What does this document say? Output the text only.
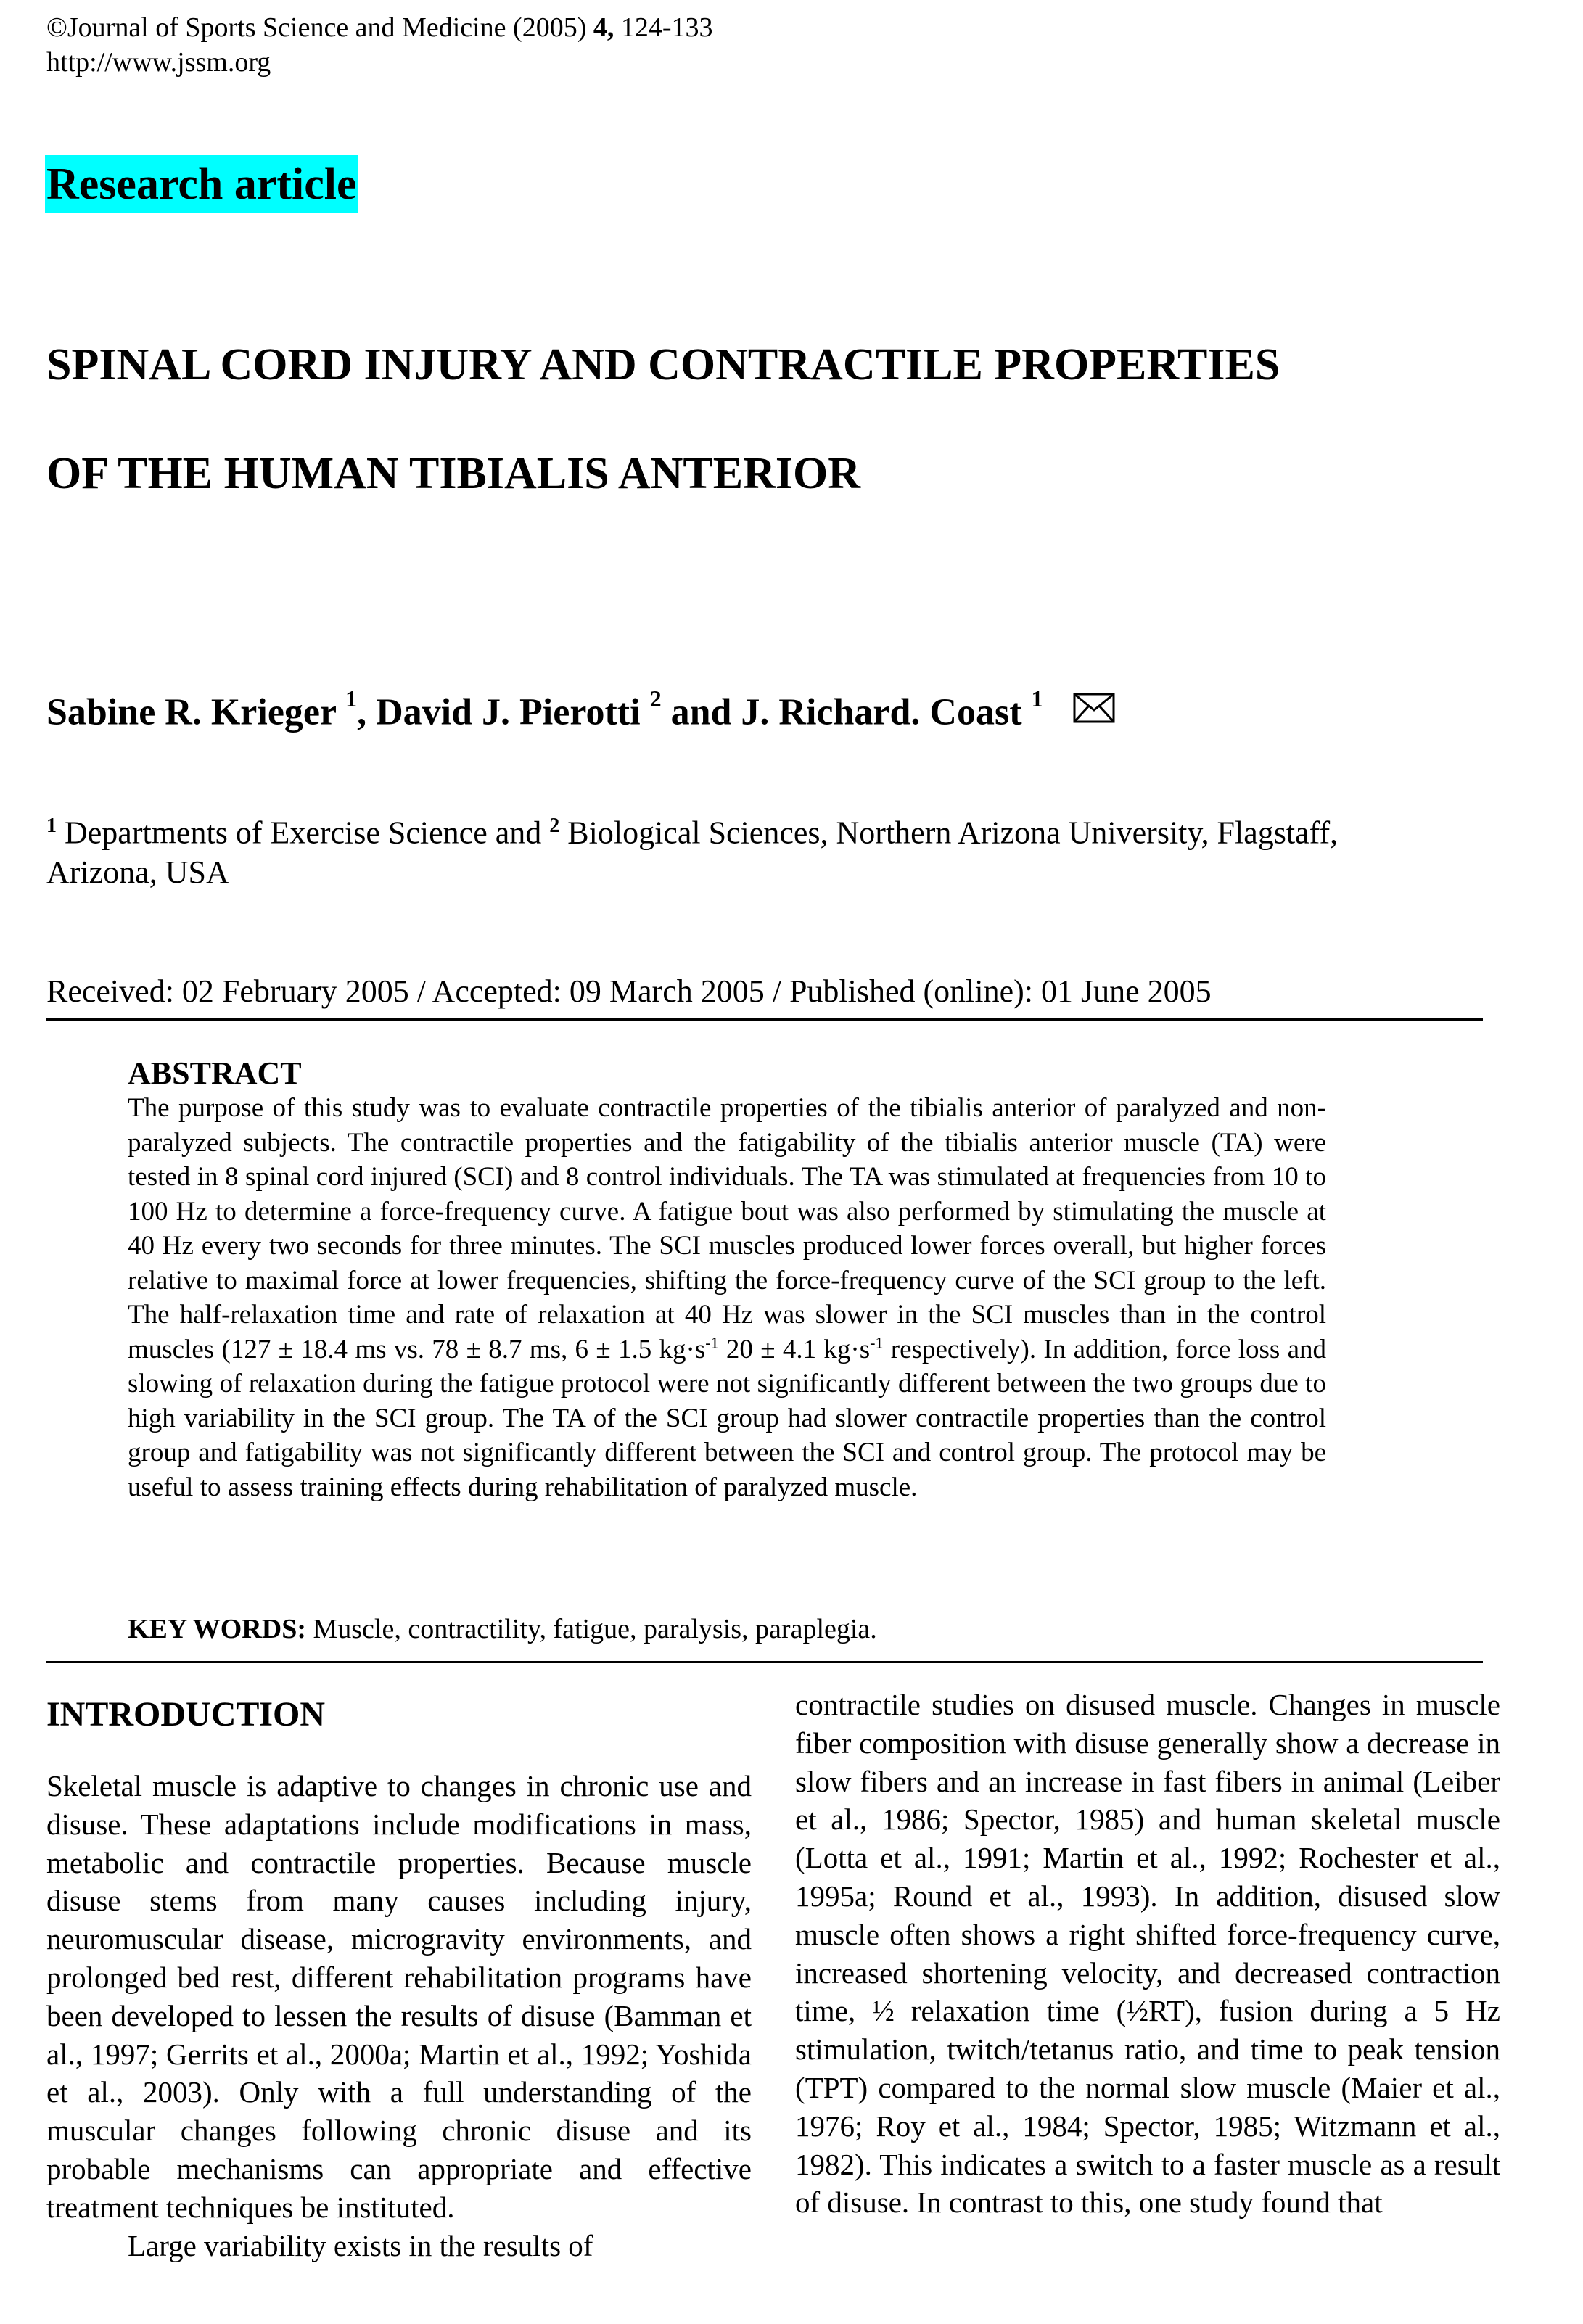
©Journal of Sports Science and Medicine (2005) 4, 124-133
http://www.jssm.org
Research article
SPINAL CORD INJURY AND CONTRACTILE PROPERTIES
OF THE HUMAN TIBIALIS ANTERIOR
Sabine R. Krieger $^1$, David J. Pierotti $^2$ and J. Richard. Coast $^1$
$^1$ Departments of Exercise Science and $^2$ Biological Sciences, Northern Arizona University, Flagstaff, Arizona, USA
Received: 02 February 2005 / Accepted: 09 March 2005 / Published (online): 01 June 2005
ABSTRACT

The purpose of this study was to evaluate contractile properties of the tibialis anterior of paralyzed and non-paralyzed subjects. The contractile properties and the fatigability of the tibialis anterior muscle (TA) were tested in 8 spinal cord injured (SCI) and 8 control individuals. The TA was stimulated at frequencies from 10 to 100 Hz to determine a force-frequency curve. A fatigue bout was also performed by stimulating the muscle at 40 Hz every two seconds for three minutes. The SCI muscles produced lower forces overall, but higher forces relative to maximal force at lower frequencies, shifting the force-frequency curve of the SCI group to the left. The half-relaxation time and rate of relaxation at 40 Hz was slower in the SCI muscles than in the control muscles (127 ± 18.4 ms vs. 78 ± 8.7 ms, 6 ± 1.5 $kg\cdot s^{-1}$ 20 ± 4.1 $kg\cdot s^{-1}$ respectively). In addition, force loss and slowing of relaxation during the fatigue protocol were not significantly different between the two groups due to high variability in the SCI group. The TA of the SCI group had slower contractile properties than the control group and fatigability was not significantly different between the SCI and control group. The protocol may be useful to assess training effects during rehabilitation of paralyzed muscle.

KEY WORDS: Muscle, contractility, fatigue, paralysis, paraplegia.
INTRODUCTION

Skeletal muscle is adaptive to changes in chronic use and disuse. These adaptations include modifications in mass, metabolic and contractile properties. Because muscle disuse stems from many causes including injury, neuromuscular disease, microgravity environments, and prolonged bed rest, different rehabilitation programs have been developed to lessen the results of disuse (Bamman et al., 1997; Gerrits et al., 2000a; Martin et al., 1992; Yoshida et al., 2003). Only with a full understanding of the muscular changes following chronic disuse and its probable mechanisms can appropriate and effective treatment techniques be instituted.

Large variability exists in the results of

contractile studies on disused muscle. Changes in muscle fiber composition with disuse generally show a decrease in slow fibers and an increase in fast fibers in animal (Leiber et al., 1986; Spector, 1985) and human skeletal muscle (Lotta et al., 1991; Martin et al., 1992; Rochester et al., 1995a; Round et al., 1993). In addition, disused slow muscle often shows a right shifted force-frequency curve, increased shortening velocity, and decreased contraction time, ½ relaxation time (½RT), fusion during a 5 Hz stimulation, twitch/tetanus ratio, and time to peak tension (TPT) compared to the normal slow muscle (Maier et al., 1976; Roy et al., 1984; Spector, 1985; Witzmann et al., 1982). This indicates a switch to a faster muscle as a result of disuse. In contrast to this, one study found that
